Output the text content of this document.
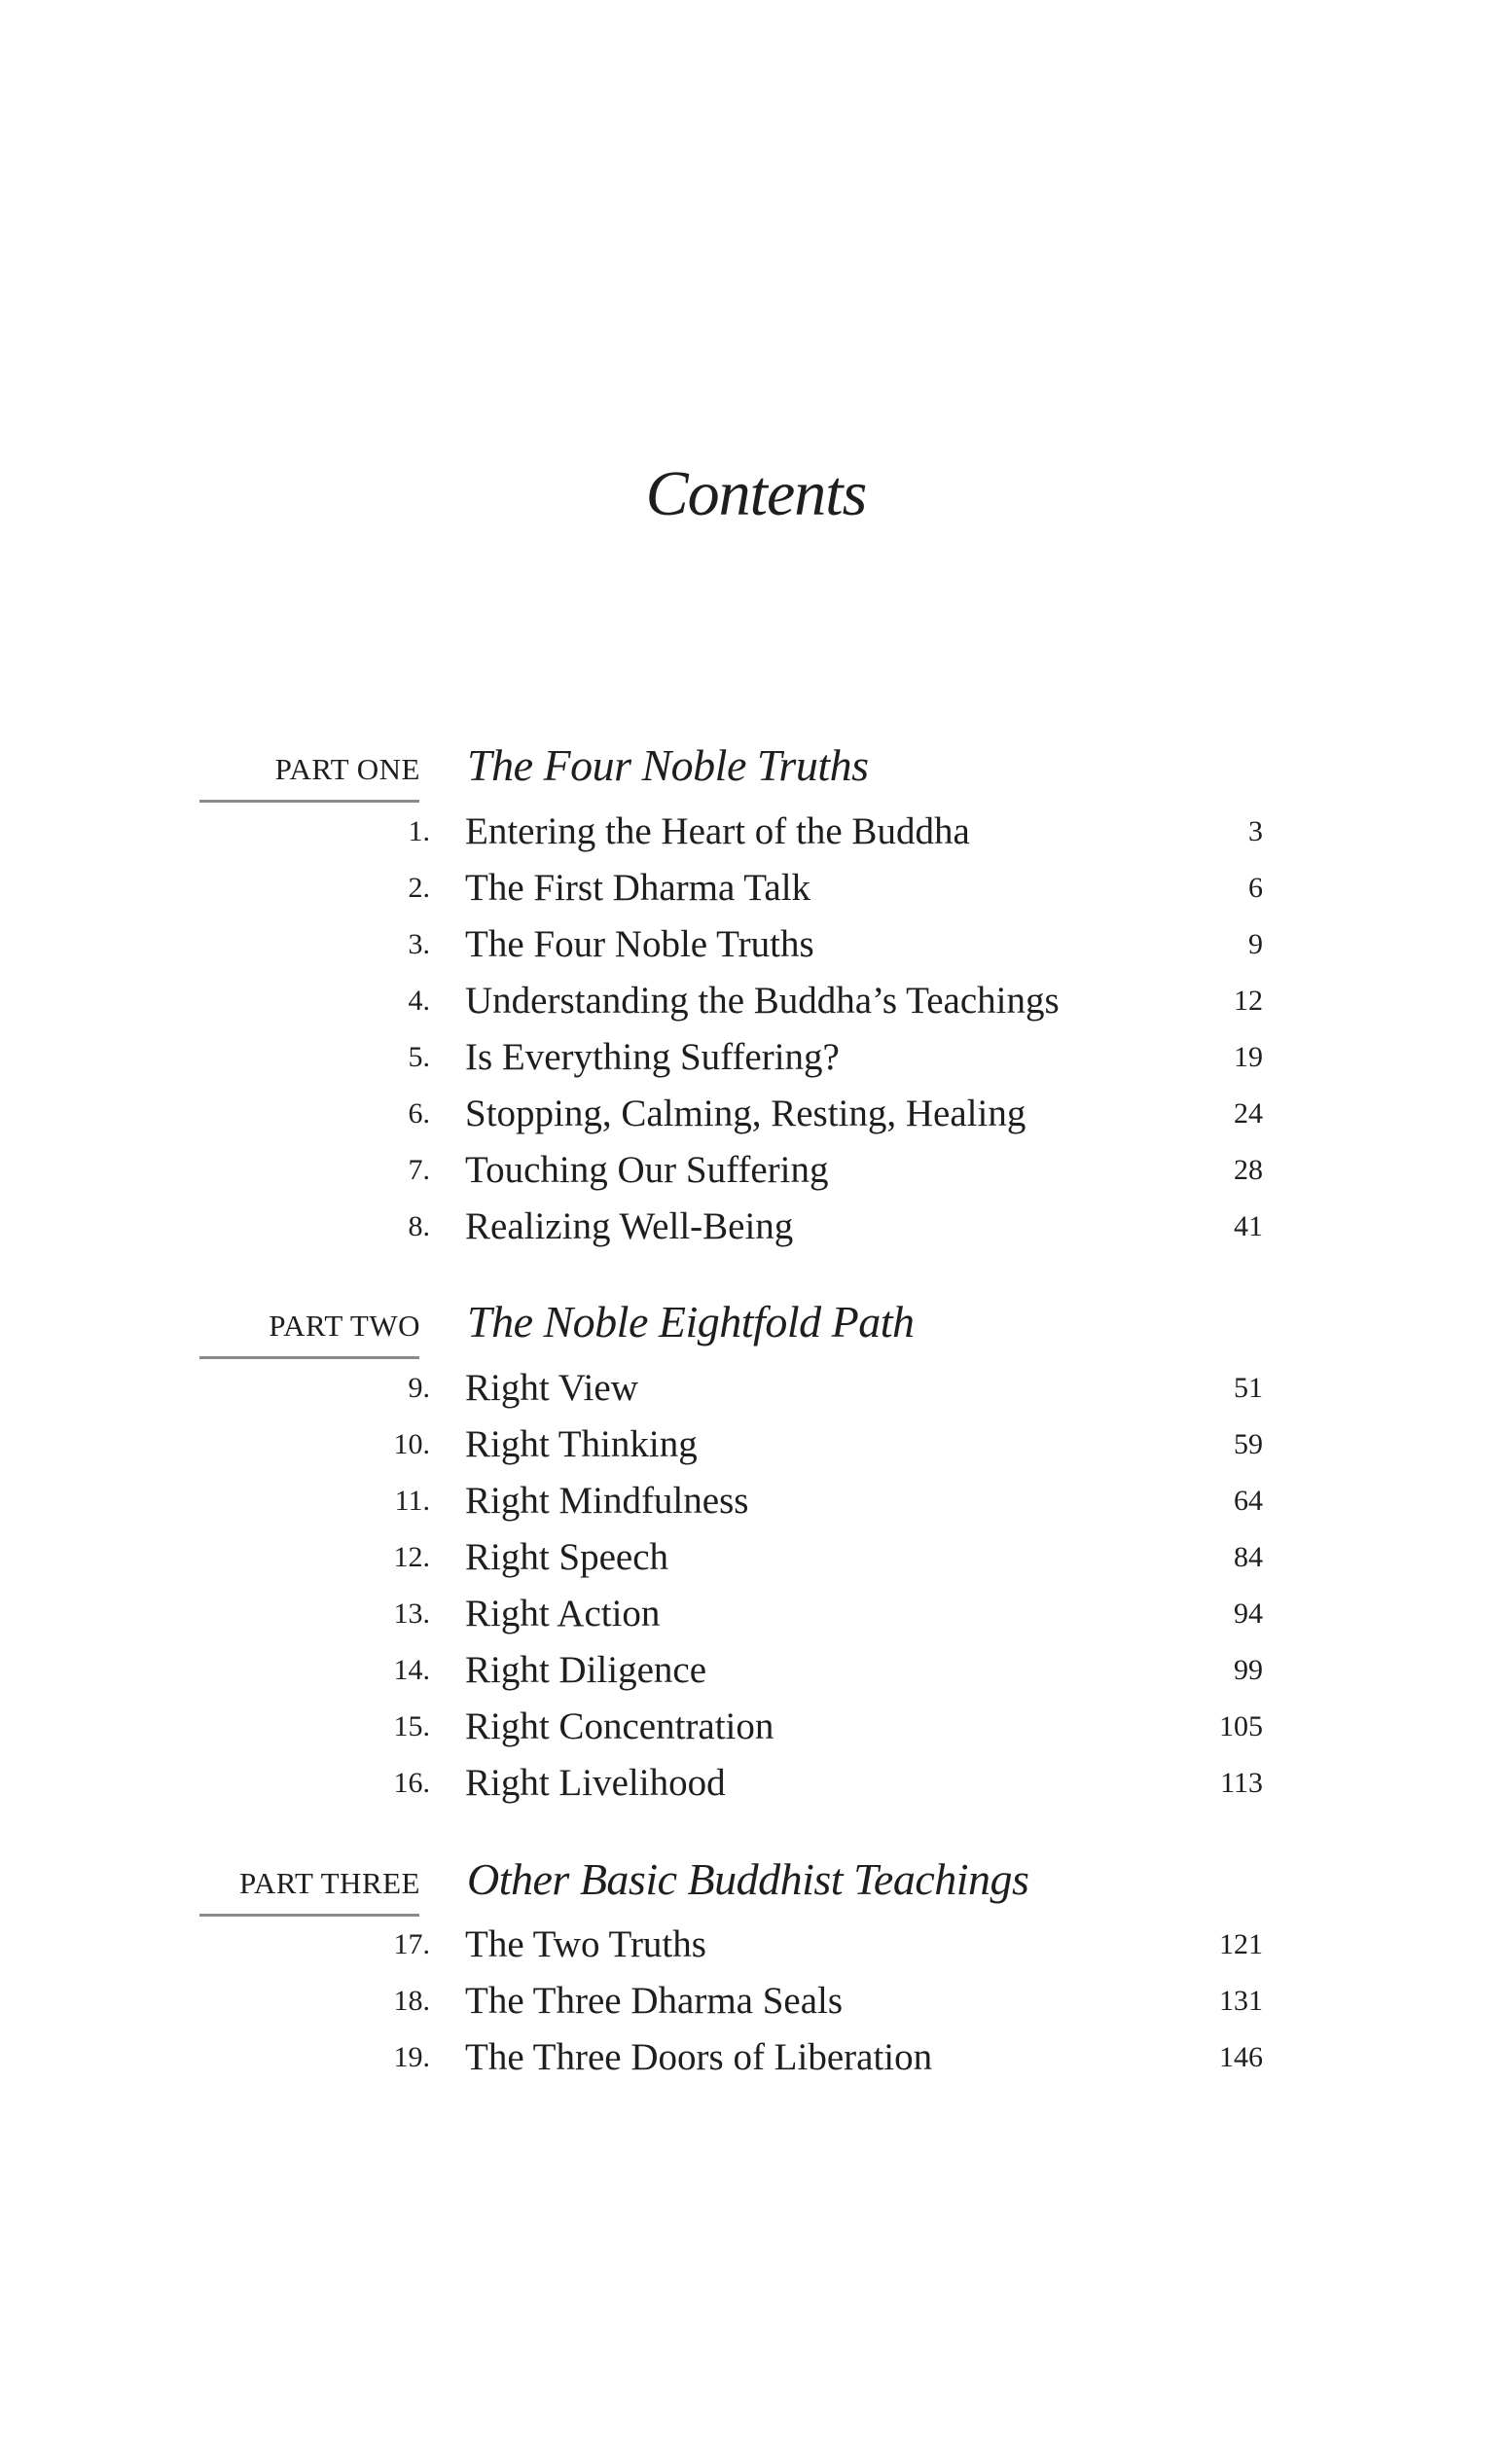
Contents
PART ONE The Four Noble Truths
1. Entering the Heart of the Buddha	3
2. The First Dharma Talk	6
3. The Four Noble Truths	9
4. Understanding the Buddha’s Teachings	12
5. Is Everything Suffering?	19
6. Stopping, Calming, Resting, Healing	24
7. Touching Our Suffering	28
8. Realizing Well-Being	41
PART TWO The Noble Eightfold Path
9. Right View	51
10. Right Thinking	59
11. Right Mindfulness	64
12. Right Speech	84
13. Right Action	94
14. Right Diligence	99
15. Right Concentration	105
16. Right Livelihood	113
PART THREE Other Basic Buddhist Teachings
17. The Two Truths	121
18. The Three Dharma Seals	131
19. The Three Doors of Liberation	146
